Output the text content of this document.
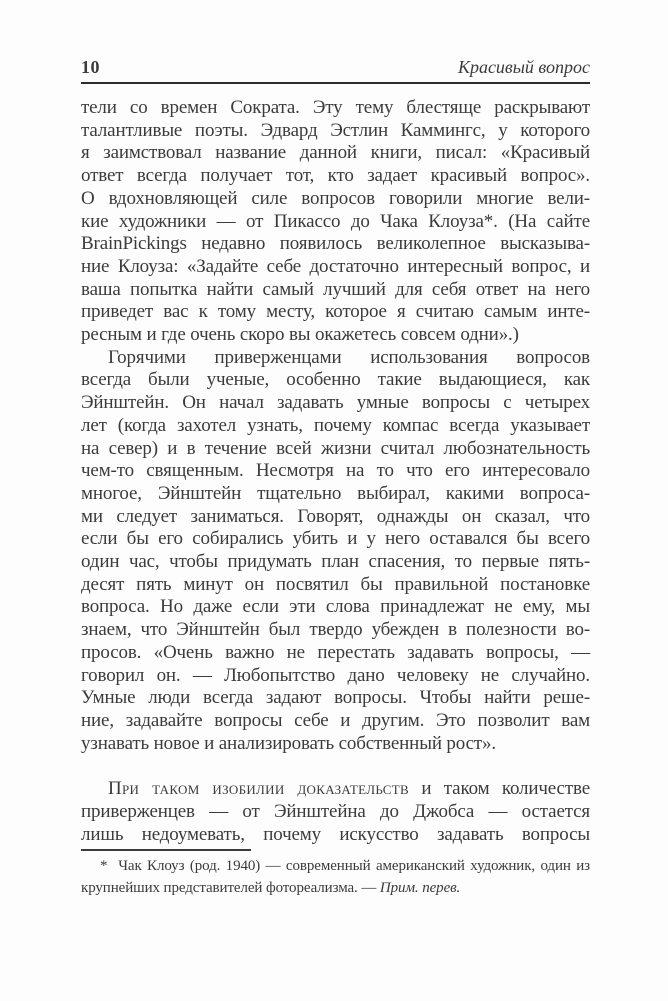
10	Красивый вопрос
тели со времен Сократа. Эту тему блестяще раскрывают
талантливые поэты. Эдвард Эстлин Каммингс, у которого
я заимствовал название данной книги, писал: «Красивый
ответ всегда получает тот, кто задает красивый вопрос».
О вдохновляющей силе вопросов говорили многие вели-
кие художники — от Пикассо до Чака Клоуза*. (На сайте
BrainPickings недавно появилось великолепное высказыва-
ние Клоуза: «Задайте себе достаточно интересный вопрос, и
ваша попытка найти самый лучший для себя ответ на него
приведет вас к тому месту, которое я считаю самым инте-
ресным и где очень скоро вы окажетесь совсем одни».)
Горячими приверженцами использования вопросов
всегда были ученые, особенно такие выдающиеся, как
Эйнштейн. Он начал задавать умные вопросы с четырех
лет (когда захотел узнать, почему компас всегда указывает
на север) и в течение всей жизни считал любознательность
чем-то священным. Несмотря на то что его интересовало
многое, Эйнштейн тщательно выбирал, какими вопроса-
ми следует заниматься. Говорят, однажды он сказал, что
если бы его собирались убить и у него оставался бы всего
один час, чтобы придумать план спасения, то первые пять-
десят пять минут он посвятил бы правильной постановке
вопроса. Но даже если эти слова принадлежат не ему, мы
знаем, что Эйнштейн был твердо убежден в полезности во-
просов. «Очень важно не перестать задавать вопросы, —
говорил он. — Любопытство дано человеку не случайно.
Умные люди всегда задают вопросы. Чтобы найти реше-
ние, задавайте вопросы себе и другим. Это позволит вам
узнавать новое и анализировать собственный рост».
При таком изобилии доказательств и таком количестве
приверженцев — от Эйнштейна до Джобса — остается
лишь недоумевать, почему искусство задавать вопросы
*  Чак Клоуз (род. 1940) — современный американский художник, один из
крупнейших представителей фотореализма. — Прим. перев.
